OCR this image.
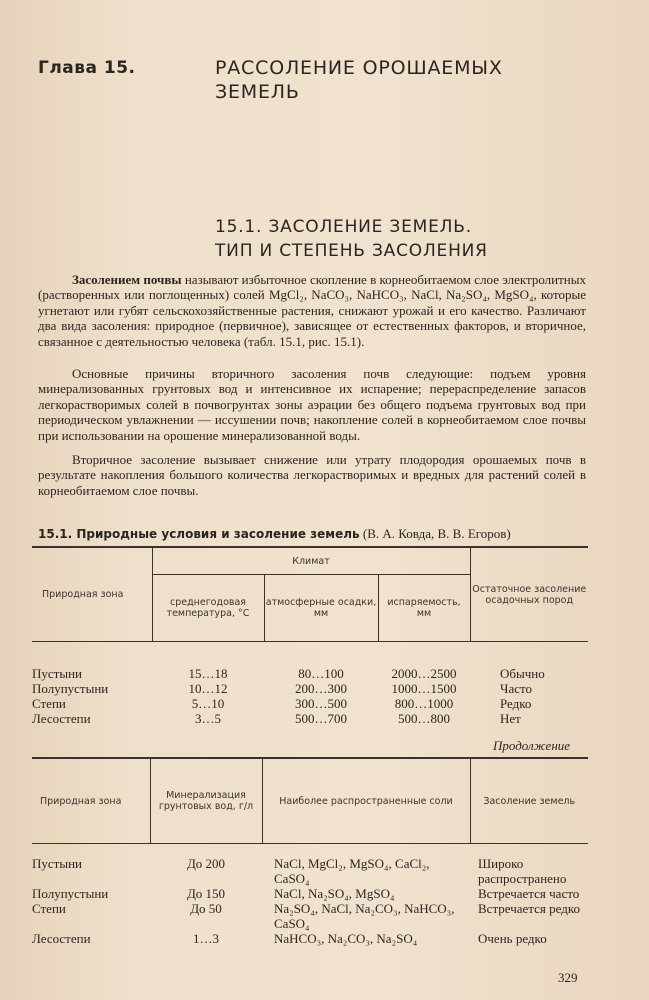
Глава 15.	РАССОЛЕНИЕ ОРОШАЕМЫХ ЗЕМЕЛЬ
15.1. ЗАСОЛЕНИЕ ЗЕМЕЛЬ.
ТИП И СТЕПЕНЬ ЗАСОЛЕНИЯ
Засолением почвы называют избыточное скопление в корнеобитаемом слое электролитных (растворенных или поглощенных) солей MgCl₂, NaCO₃, NaHCO₃, NaCl, Na₂SO₄, MgSO₄, которые угнетают или губят сельскохозяйственные растения, снижают урожай и его качество. Различают два вида засоления: природное (первичное), зависящее от естественных факторов, и вторичное, связанное с деятельностью человека (табл. 15.1, рис. 15.1).
Основные причины вторичного засоления почв следующие: подъем уровня минерализованных грунтовых вод и интенсивное их испарение; перераспределение запасов легкорастворимых солей в почвогрунтах зоны аэрации без общего подъема грунтовых вод при периодическом увлажнении — иссушении почв; накопление солей в корнеобитаемом слое почвы при использовании на орошение минерализованной воды.
Вторичное засоление вызывает снижение или утрату плодородия орошаемых почв в результате накопления большого количества легкорастворимых и вредных для растений солей в корнеобитаемом слое почвы.
15.1. Природные условия и засоление земель (В. А. Ковда, В. В. Егоров)
Природная зона	Климат			Остаточное засоление осадочных пород
	среднегодовая температура, °С	атмосферные осадки, мм	испаряемость, мм	

Пустыни	15…18	80…100	2000…2500	Обычно
Полупустыни	10…12	200…300	1000…1500	Часто
Степи	5…10	300…500	800…1000	Редко
Лесостепи	3…5	500…700	500…800	Нет
Продолжение
Природная зона	Минерализация грунтовых вод, г/л	Наиболее распространенные соли	Засоление земель

Пустыни	До 200	NaCl, MgCl₂, MgSO₄, CaCl₂, CaSO₄	Широко распространено
Полупустыни	До 150	NaCl, Na₂SO₄, MgSO₄	Встречается часто
Степи	До 50	Na₂SO₄, NaCl, Na₂CO₃, NaHCO₃, CaSO₄	Встречается редко
Лесостепи	1…3	NaHCO₃, Na₂CO₃, Na₂SO₄	Очень редко
329
